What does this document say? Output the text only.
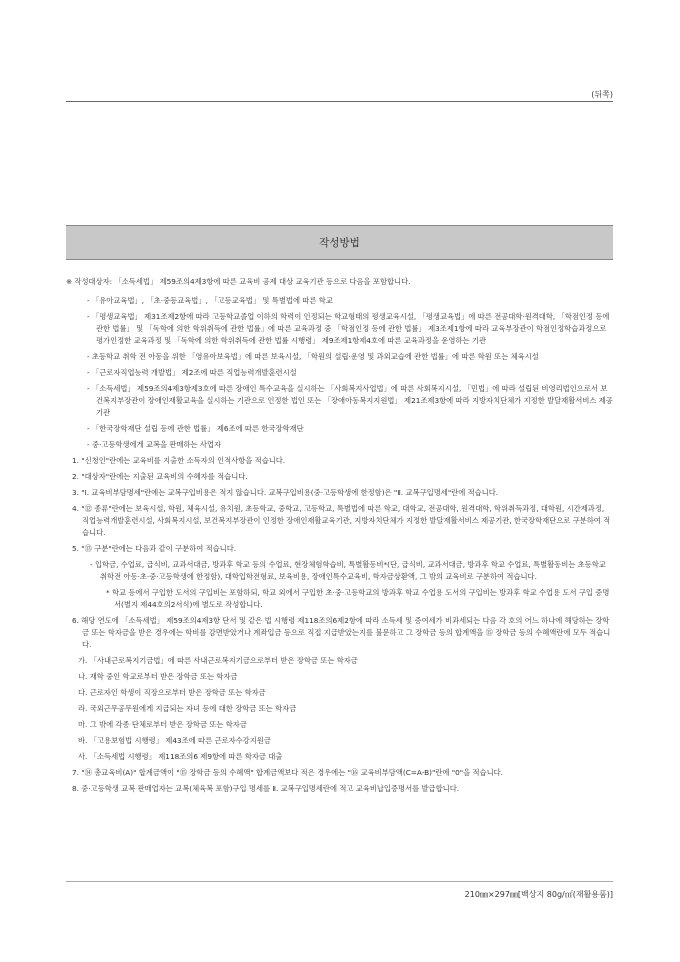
(뒤쪽)
작성방법
※ 작성대상자: 「소득세법」 제59조의4제3항에 따른 교육비 공제 대상 교육기관 등으로 다음을 포함합니다.
- 「유아교육법」, 「초·중등교육법」, 「고등교육법」 및 특별법에 따른 학교
- 「평생교육법」 제31조제2항에 따라 고등학교졸업 이하의 학력이 인정되는 학교형태의 평생교육시설, 「평생교육법」에 따른 전공대학·원격대학, 「학점인정 등에 관한 법률」 및 「독학에 의한 학위취득에 관한 법률」에 따른 교육과정 중 「학점인정 등에 관한 법률」 제3조제1항에 따라 교육부장관이 학점인정학습과정으로 평가인정한 교육과정 및 「독학에 의한 학위취득에 관한 법률 시행령」 제9조제1항제4호에 따른 교육과정을 운영하는 기관
- 초등학교 취학 전 아동을 위한 「영유아보육법」에 따른 보육시설, 「학원의 설립·운영 및 과외교습에 관한 법률」에 따른 학원 또는 체육시설
- 「근로자직업능력 개발법」 제2조에 따른 직업능력개발훈련시설
- 「소득세법」 제59조의4제3항제3호에 따른 장애인 특수교육을 실시하는 「사회복지사업법」에 따른 사회복지시설, 「민법」에 따라 설립된 비영리법인으로서 보건복지부장관이 장애인재활교육을 실시하는 기관으로 인정한 법인 또는 「장애아동복지지원법」 제21조제3항에 따라 지방자치단체가 지정한 발달재활서비스 제공기관
- 「한국장학재단 설립 등에 관한 법률」 제6조에 따른 한국장학재단
- 중·고등학생에게 교복을 판매하는 사업자
1. "신청인"란에는 교육비를 지출한 소득자의 인적사항을 적습니다.
2. "대상자"란에는 지출된 교육비의 수혜자를 적습니다.
3. "Ⅰ. 교육비부담명세"란에는 교복구입비용은 적지 않습니다. 교복구입비용(중·고등학생에 한정함)은 "Ⅱ. 교복구입명세"란에 적습니다.
4. "⑫ 종류"란에는 보육시설, 학원, 체육시설, 유치원, 초등학교, 중학교, 고등학교, 특별법에 따른 학교, 대학교, 전공대학, 원격대학, 학위취득과정, 대학원, 시간제과정, 직업능력개발훈련시설, 사회복지시설, 보건복지부장관이 인정한 장애인재활교육기관, 지방자치단체가 지정한 발달재활서비스 제공기관, 한국장학재단으로 구분하여 적습니다.
5. "⑬ 구분"란에는 다음과 같이 구분하여 적습니다.
- 입학금, 수업료, 급식비, 교과서대금, 방과후 학교 등의 수업료, 현장체험학습비, 특별활동비*(단, 급식비, 교과서대금, 방과후 학교 수업료, 특별활동비는 초등학교 취학전 아동·초·중·고등학생에 한정함), 대학입학전형료, 보육비용, 장애인특수교육비, 학자금상환액, 그 밖의 교육비로 구분하여 적습니다.
* 학교 등에서 구입한 도서의 구입비는 포함하되, 학교 외에서 구입한 초·중·고등학교의 방과후 학교 수업용 도서의 구입비는 방과후 학교 수업용 도서 구입 증명서(별지 제44호의2서식)에 별도로 작성합니다.
6. 해당 연도에 「소득세법」 제59조의4제3항 단서 및 같은 법 시행령 제118조의6제2항에 따라 소득세 및 증여세가 비과세되는 다음 각 호의 어느 하나에 해당하는 장학금 또는 학자금을 받은 경우에는 학비를 감면받았거나 계좌입금 등으로 직접 지급받았는지를 불문하고 그 장학금 등의 합계액을 ⑮ 장학금 등의 수혜액란에 모두 적습니다.
가. 「사내근로복지기금법」에 따른 사내근로복지기금으로부터 받은 장학금 또는 학자금
나. 재학 중인 학교로부터 받은 장학금 또는 학자금
다. 근로자인 학생이 직장으로부터 받은 장학금 또는 학자금
라. 국외근무공무원에게 지급되는 자녀 등에 대한 장학금 또는 학자금
마. 그 밖에 각종 단체로부터 받은 장학금 또는 학자금
바. 「고용보험법 시행령」 제43조에 따른 근로자수강지원금
사. 「소득세법 시행령」 제118조의6 제9항에 따른 학자금 대출
7. "⑭ 총교육비(A)" 합계금액이 "⑮ 장학금 등의 수혜액" 합계금액보다 적은 경우에는 "⑯ 교육비부담액(C=A-B)"란에 "0"을 적습니다.
8. 중·고등학생 교복 판매업자는 교복(체육복 포함)구입 명세를 Ⅱ. 교복구입명세란에 적고 교육비납입증명서를 발급합니다.
210㎜×297㎜[백상지 80g/㎡(재활용품)]
